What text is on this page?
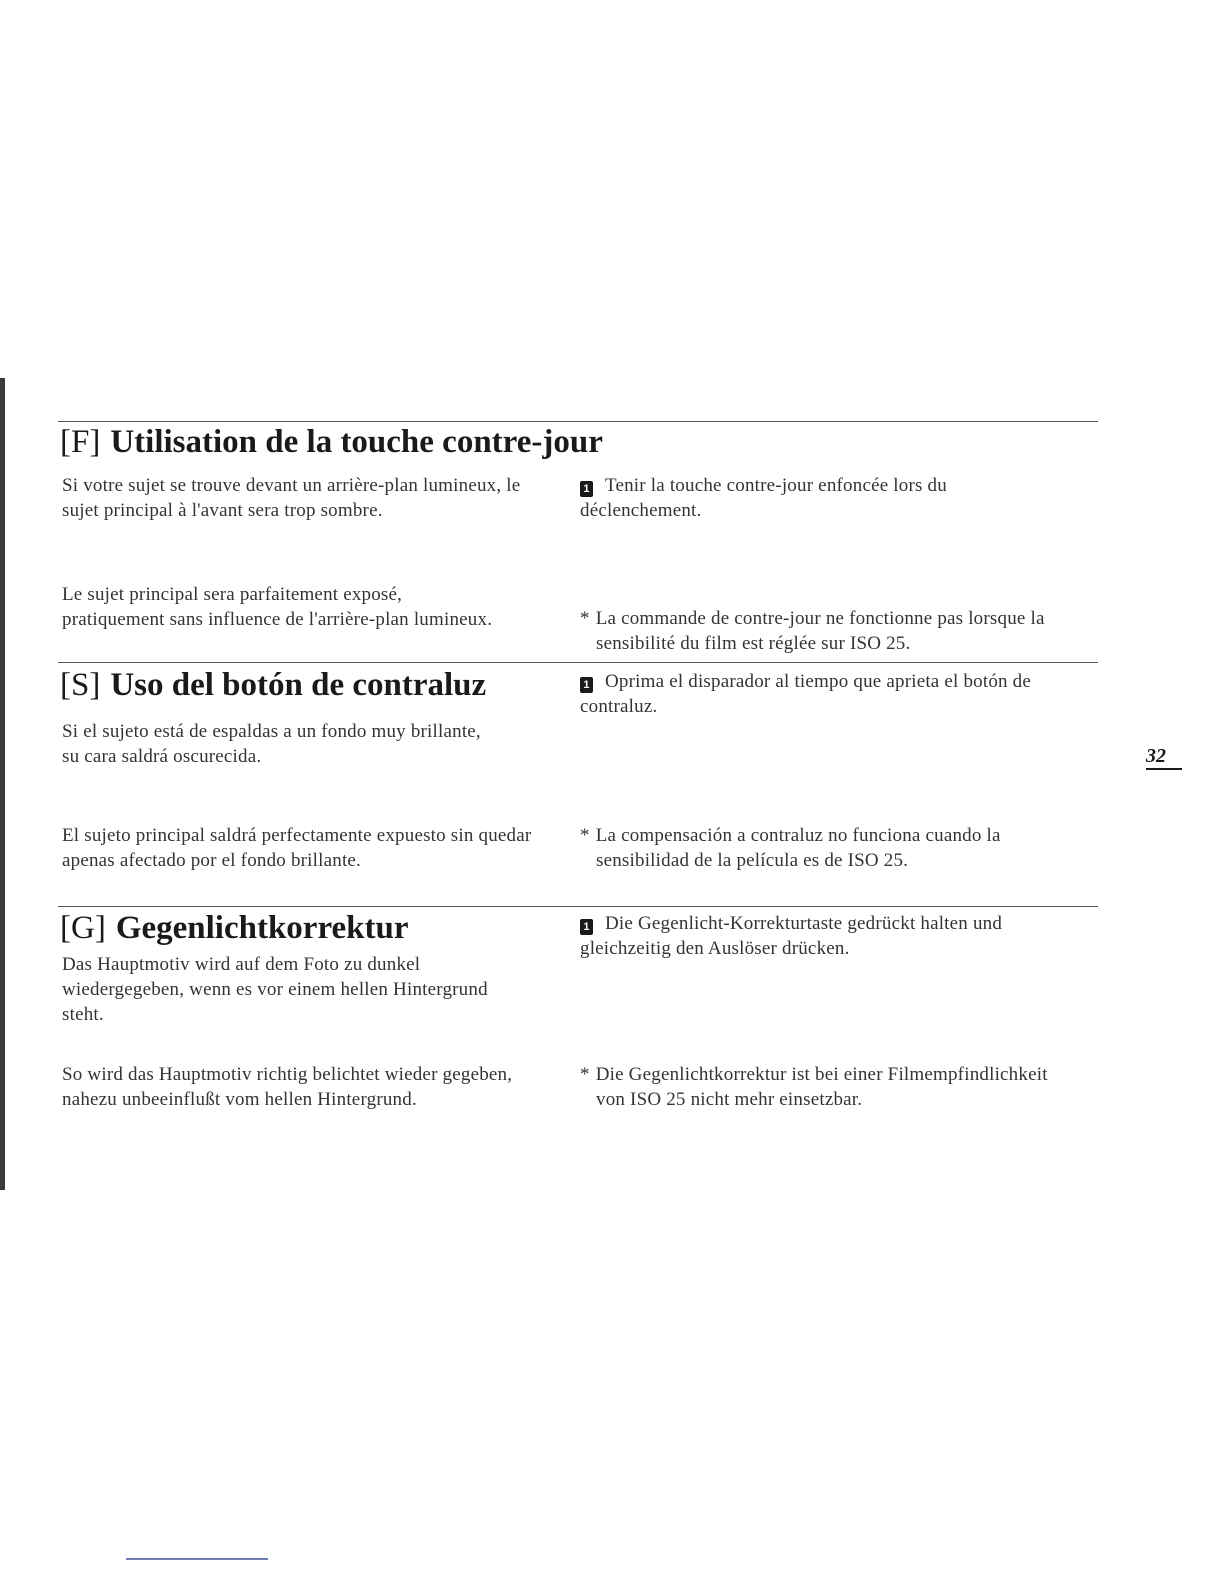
[F] Utilisation de la touche contre-jour

Si votre sujet se trouve devant un arrière-plan lumineux, le sujet principal à l'avant sera trop sombre.

Le sujet principal sera parfaitement exposé, pratiquement sans influence de l'arrière-plan lumineux.

1 Tenir la touche contre-jour enfoncée lors du déclenchement.

* La commande de contre-jour ne fonctionne pas lorsque la sensibilité du film est réglée sur ISO 25.

[S] Uso del botón de contraluz

Si el sujeto está de espaldas a un fondo muy brillante, su cara saldrá oscurecida.

El sujeto principal saldrá perfectamente expuesto sin quedar apenas afectado por el fondo brillante.

1 Oprima el disparador al tiempo que aprieta el botón de contraluz.

* La compensación a contraluz no funciona cuando la sensibilidad de la película es de ISO 25.

[G] Gegenlichtkorrektur

Das Hauptmotiv wird auf dem Foto zu dunkel wiedergegeben, wenn es vor einem hellen Hintergrund steht.

So wird das Hauptmotiv richtig belichtet wieder gegeben, nahezu unbeeinflußt vom hellen Hintergrund.

1 Die Gegenlicht-Korrekturtaste gedrückt halten und gleichzeitig den Auslöser drücken.

* Die Gegenlichtkorrektur ist bei einer Filmempfindlichkeit von ISO 25 nicht mehr einsetzbar.

32
